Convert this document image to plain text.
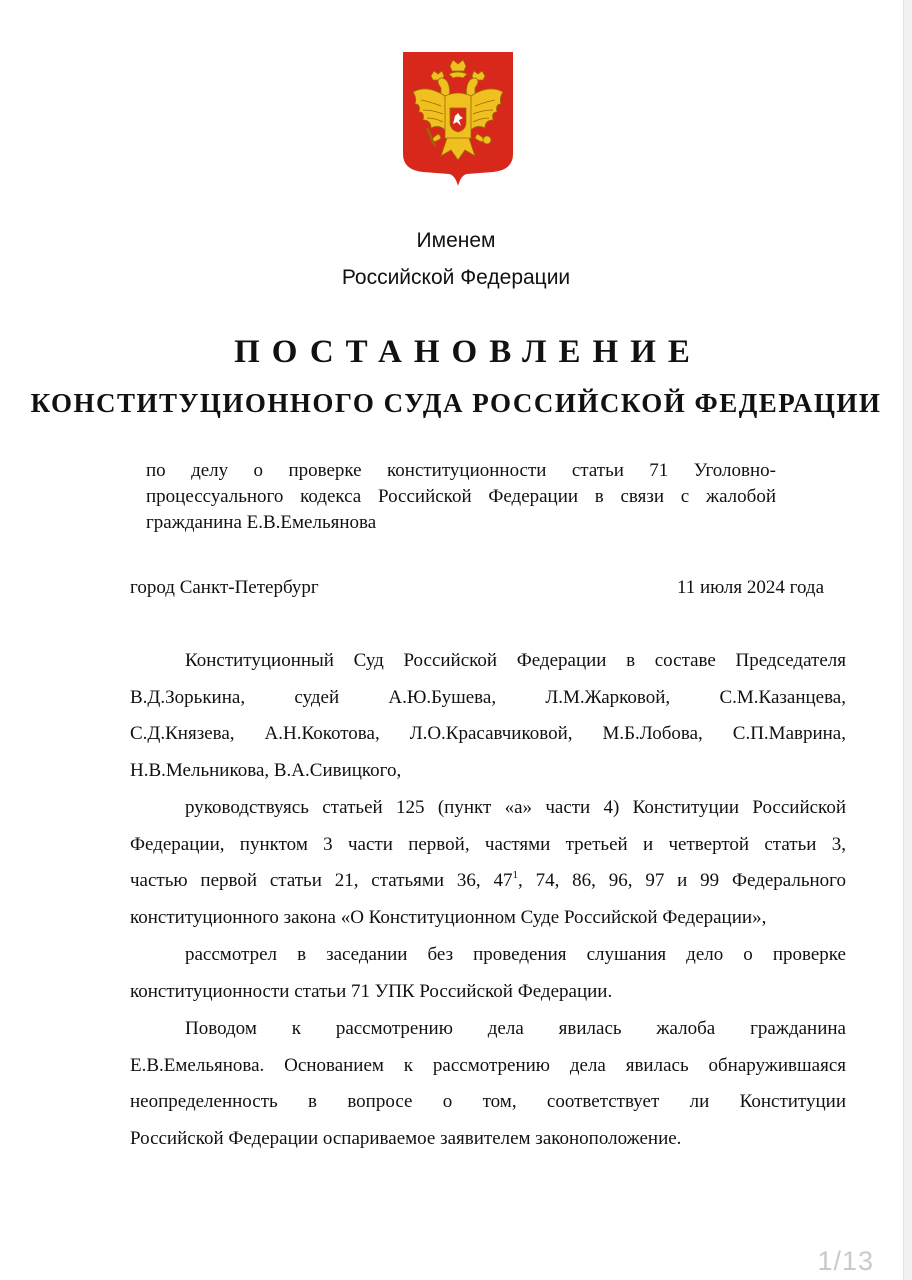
Именем
Российской Федерации
ПОСТАНОВЛЕНИЕ
КОНСТИТУЦИОННОГО СУДА РОССИЙСКОЙ ФЕДЕРАЦИИ
по делу о проверке конституционности статьи 71 Уголовно-
процессуального кодекса Российской Федерации в связи с жалобой
гражданина Е.В.Емельянова
город Санкт-Петербург	11 июля 2024 года
Конституционный Суд Российской Федерации в составе Председателя
В.Д.Зорькина, судей А.Ю.Бушева, Л.М.Жарковой, С.М.Казанцева,
С.Д.Князева, А.Н.Кокотова, Л.О.Красавчиковой, М.Б.Лобова, С.П.Маврина,
Н.В.Мельникова, В.А.Сивицкого,
руководствуясь статьей 125 (пункт «а» части 4) Конституции Российской
Федерации, пунктом 3 части первой, частями третьей и четвертой статьи 3,
частью первой статьи 21, статьями 36, $47^1$, 74, 86, 96, 97 и 99 Федерального
конституционного закона «О Конституционном Суде Российской Федерации»,
рассмотрел в заседании без проведения слушания дело о проверке
конституционности статьи 71 УПК Российской Федерации.
Поводом к рассмотрению дела явилась жалоба гражданина
Е.В.Емельянова. Основанием к рассмотрению дела явилась обнаружившаяся
неопределенность в вопросе о том, соответствует ли Конституции
Российской Федерации оспариваемое заявителем законоположение.
1/13
